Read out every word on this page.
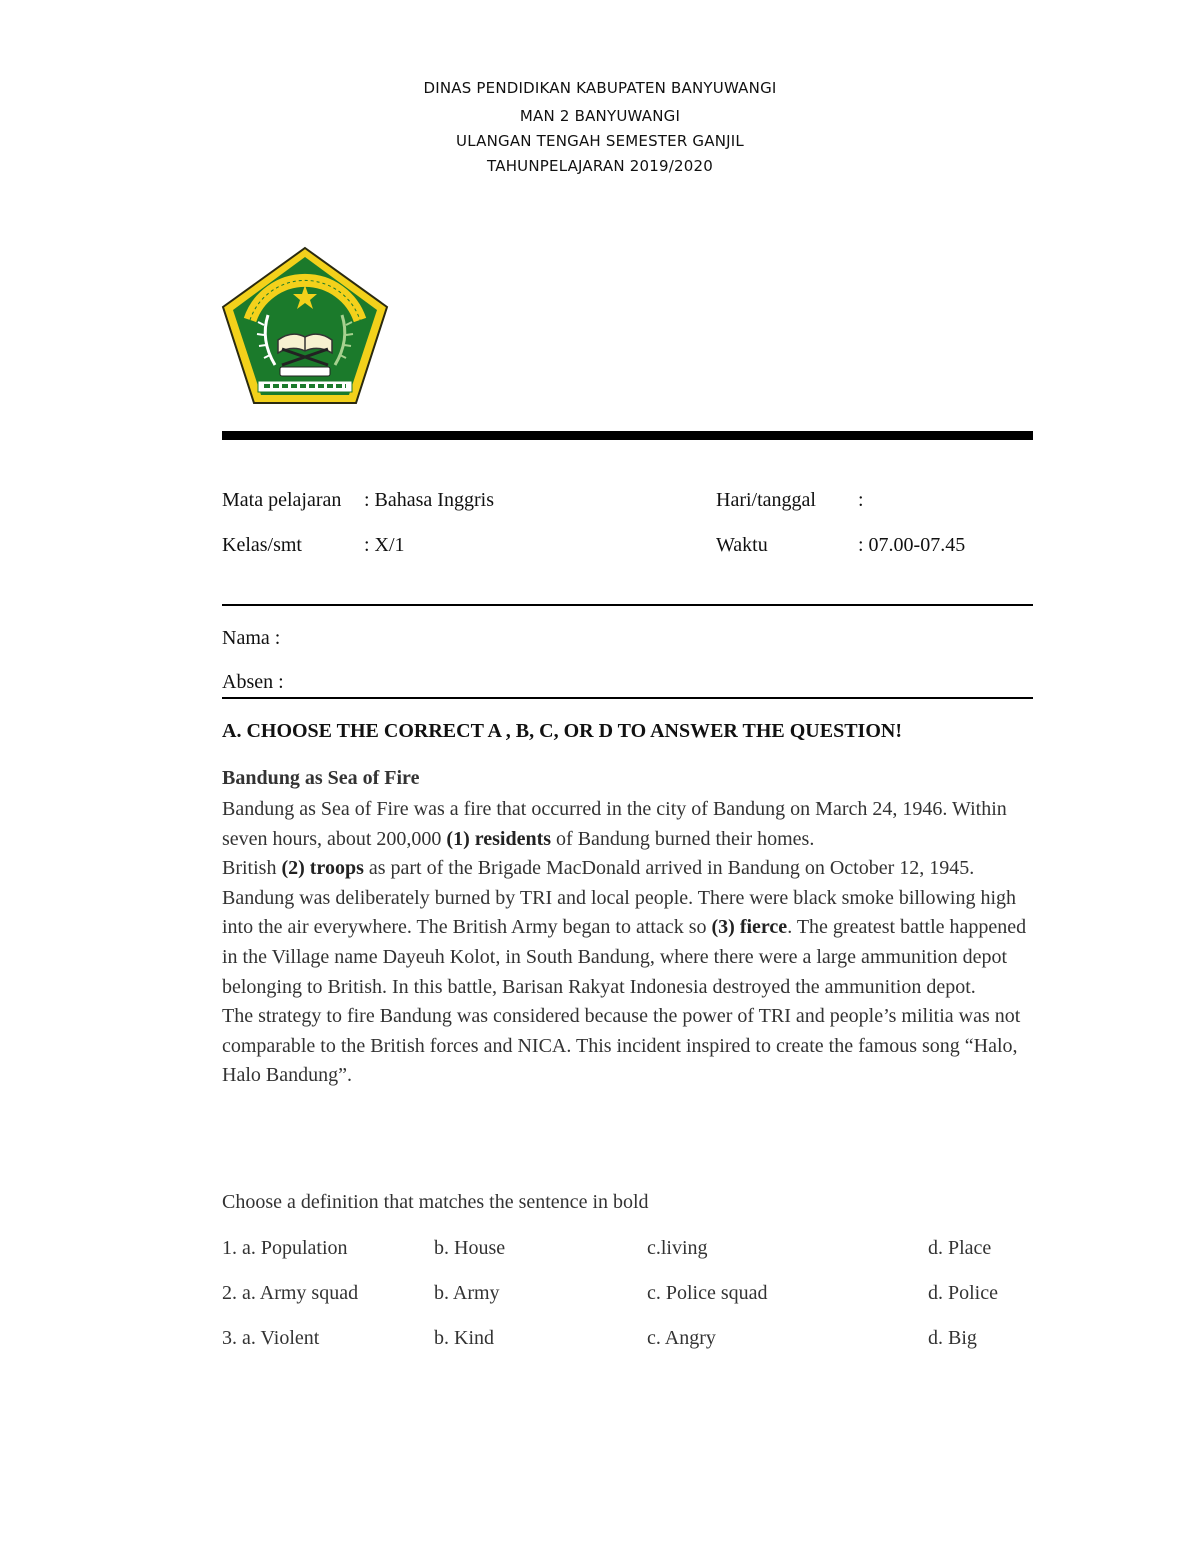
DINAS PENDIDIKAN KABUPATEN BANYUWANGI
MAN 2 BANYUWANGI
ULANGAN TENGAH SEMESTER GANJIL
TAHUNPELAJARAN 2019/2020
Mata pelajaran : Bahasa Inggris	Hari/tanggal :
Kelas/smt	: X/1	Waktu	: 07.00-07.45
Nama :
Absen :
A. CHOOSE THE CORRECT A , B, C, OR D TO ANSWER THE QUESTION!
Bandung as Sea of Fire

Bandung as Sea of Fire was a fire that occurred in the city of Bandung on March 24, 1946. Within seven hours, about 200,000 (1) residents of Bandung burned their homes.

British (2) troops as part of the Brigade MacDonald arrived in Bandung on October 12, 1945. Bandung was deliberately burned by TRI and local people. There were black smoke billowing high into the air everywhere. The British Army began to attack so (3) fierce. The greatest battle happened in the Village name Dayeuh Kolot, in South Bandung, where there were a large ammunition depot belonging to British. In this battle, Barisan Rakyat Indonesia destroyed the ammunition depot.

The strategy to fire Bandung was considered because the power of TRI and people’s militia was not comparable to the British forces and NICA. This incident inspired to create the famous song “Halo, Halo Bandung”.

Choose a definition that matches the sentence in bold
1. a. Population	b. House	c.living	d. Place
2. a. Army squad	b. Army	c. Police squad	d. Police
3. a. Violent	b. Kind	c. Angry	d. Big
